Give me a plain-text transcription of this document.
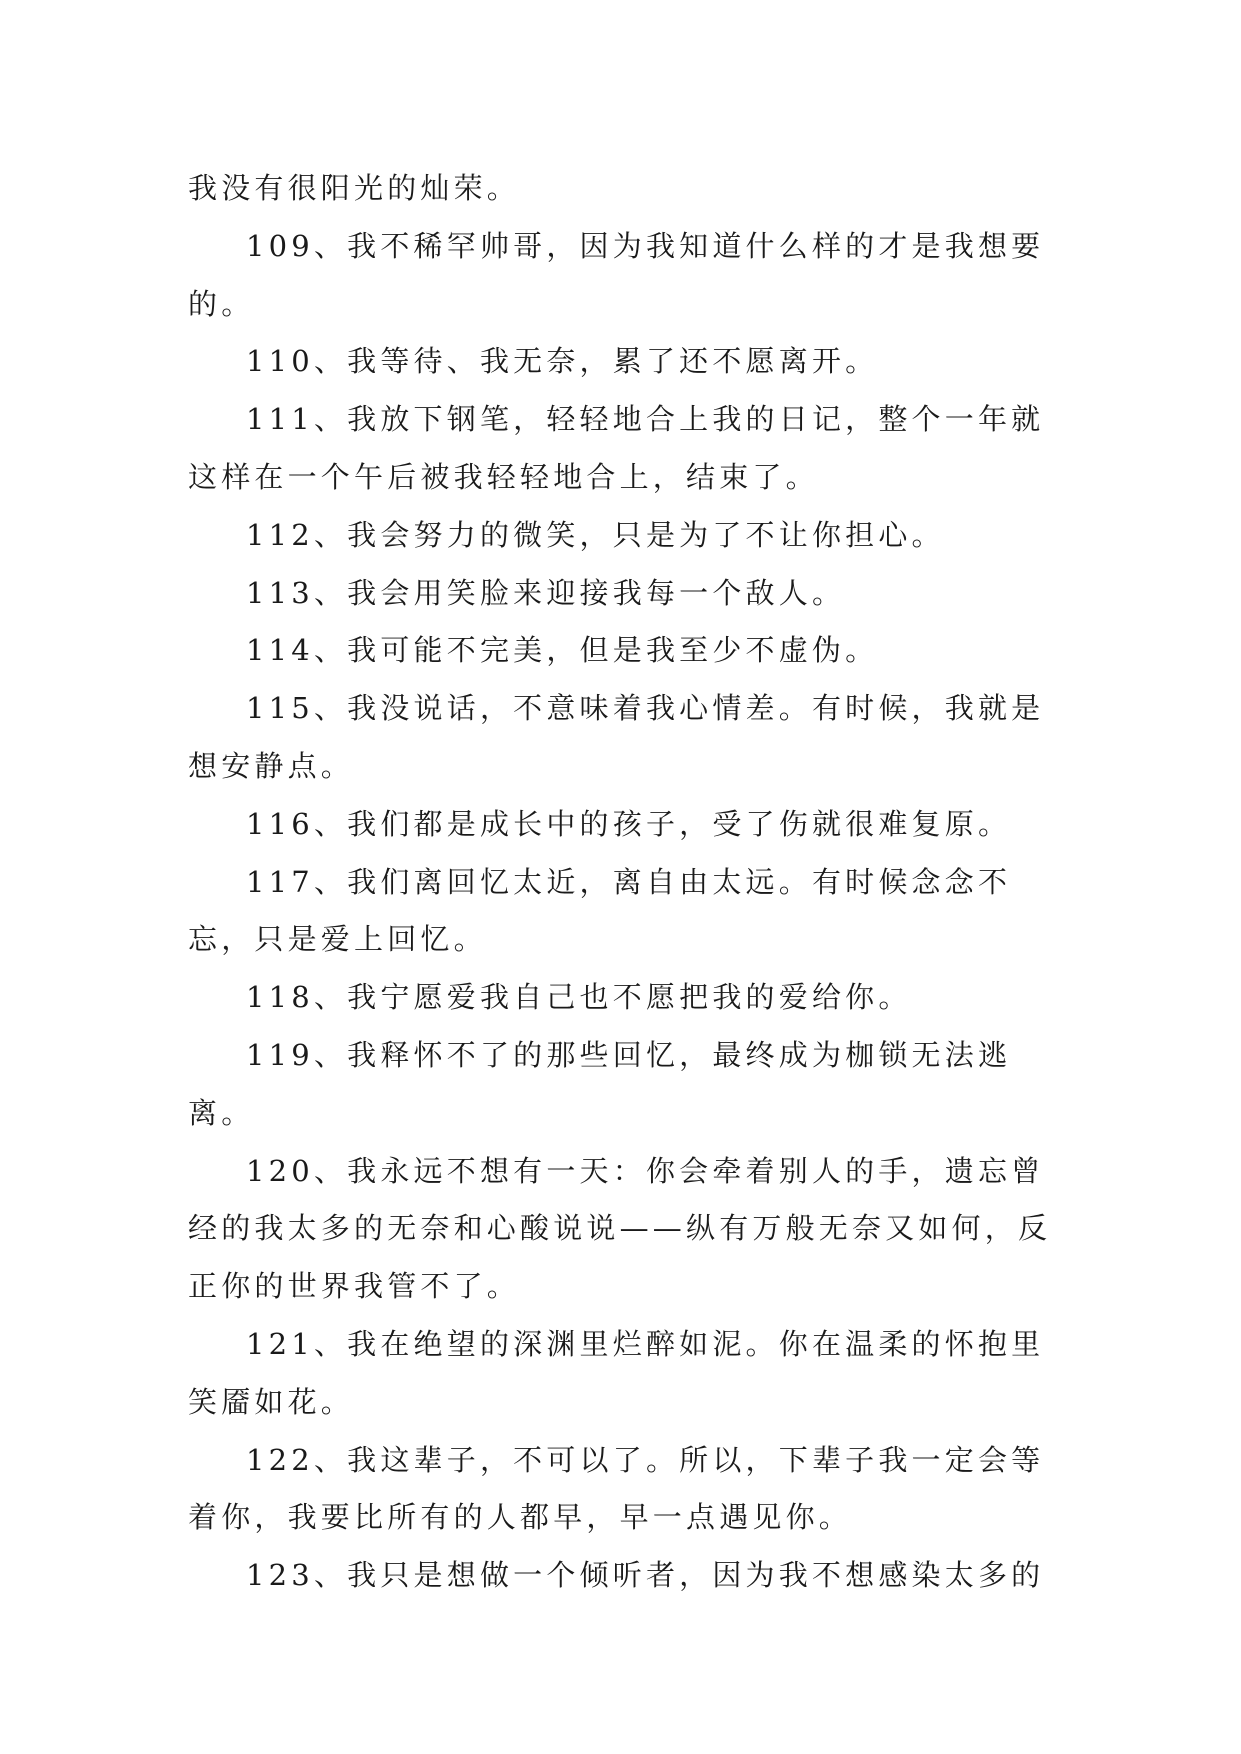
我没有很阳光的灿荣。

109、我不稀罕帅哥，因为我知道什么样的才是我想要的。

110、我等待、我无奈，累了还不愿离开。

111、我放下钢笔，轻轻地合上我的日记，整个一年就这样在一个午后被我轻轻地合上，结束了。

112、我会努力的微笑，只是为了不让你担心。

113、我会用笑脸来迎接我每一个敌人。

114、我可能不完美，但是我至少不虚伪。

115、我没说话，不意味着我心情差。有时候，我就是想安静点。

116、我们都是成长中的孩子，受了伤就很难复原。

117、我们离回忆太近，离自由太远。有时候念念不忘，只是爱上回忆。

118、我宁愿爱我自己也不愿把我的爱给你。

119、我释怀不了的那些回忆，最终成为枷锁无法逃离。

120、我永远不想有一天：你会牵着别人的手，遗忘曾经的我太多的无奈和心酸说说——纵有万般无奈又如何，反正你的世界我管不了。

121、我在绝望的深渊里烂醉如泥。你在温柔的怀抱里笑靥如花。

122、我这辈子，不可以了。所以，下辈子我一定会等着你，我要比所有的人都早，早一点遇见你。

123、我只是想做一个倾听者，因为我不想感染太多的
